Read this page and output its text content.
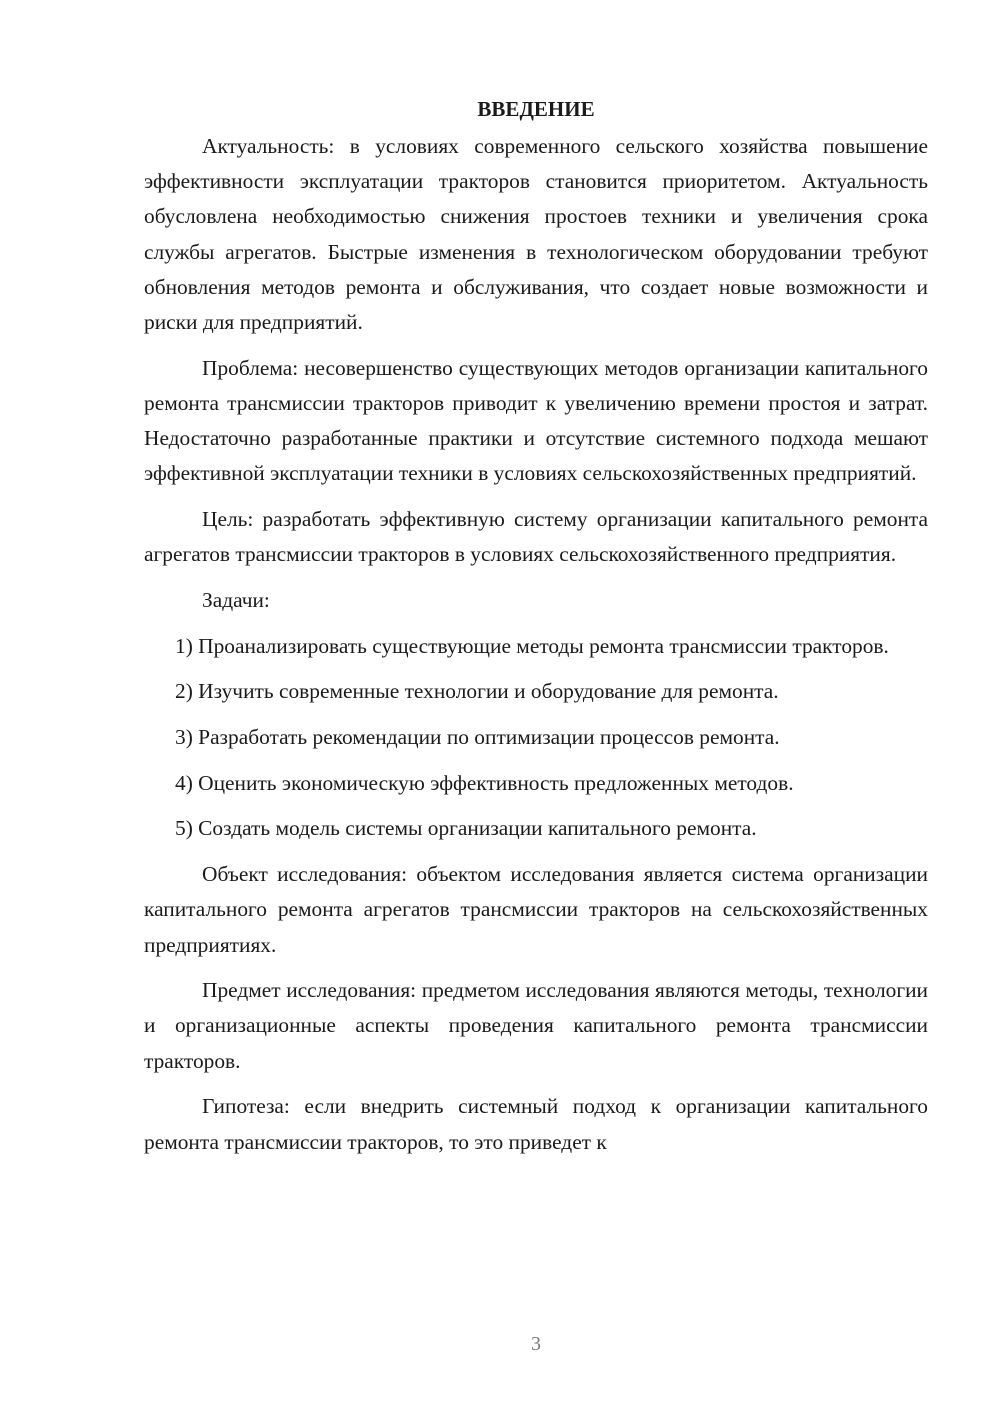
ВВЕДЕНИЕ

Актуальность: в условиях современного сельского хозяйства повышение эффективности эксплуатации тракторов становится приоритетом. Актуальность обусловлена необходимостью снижения простоев техники и увеличения срока службы агрегатов. Быстрые изменения в технологическом оборудовании требуют обновления методов ремонта и обслуживания, что создает новые возможности и риски для предприятий.

Проблема: несовершенство существующих методов организации капитального ремонта трансмиссии тракторов приводит к увеличению времени простоя и затрат. Недостаточно разработанные практики и отсутствие системного подхода мешают эффективной эксплуатации техники в условиях сельскохозяйственных предприятий.

Цель: разработать эффективную систему организации капитального ремонта агрегатов трансмиссии тракторов в условиях сельскохозяйственного предприятия.

Задачи:

1) Проанализировать существующие методы ремонта трансмиссии тракторов.

2) Изучить современные технологии и оборудование для ремонта.

3) Разработать рекомендации по оптимизации процессов ремонта.

4) Оценить экономическую эффективность предложенных методов.

5) Создать модель системы организации капитального ремонта.

Объект исследования: объектом исследования является система организации капитального ремонта агрегатов трансмиссии тракторов на сельскохозяйственных предприятиях.

Предмет исследования: предметом исследования являются методы, технологии и организационные аспекты проведения капитального ремонта трансмиссии тракторов.

Гипотеза: если внедрить системный подход к организации капитального ремонта трансмиссии тракторов, то это приведет к

3
